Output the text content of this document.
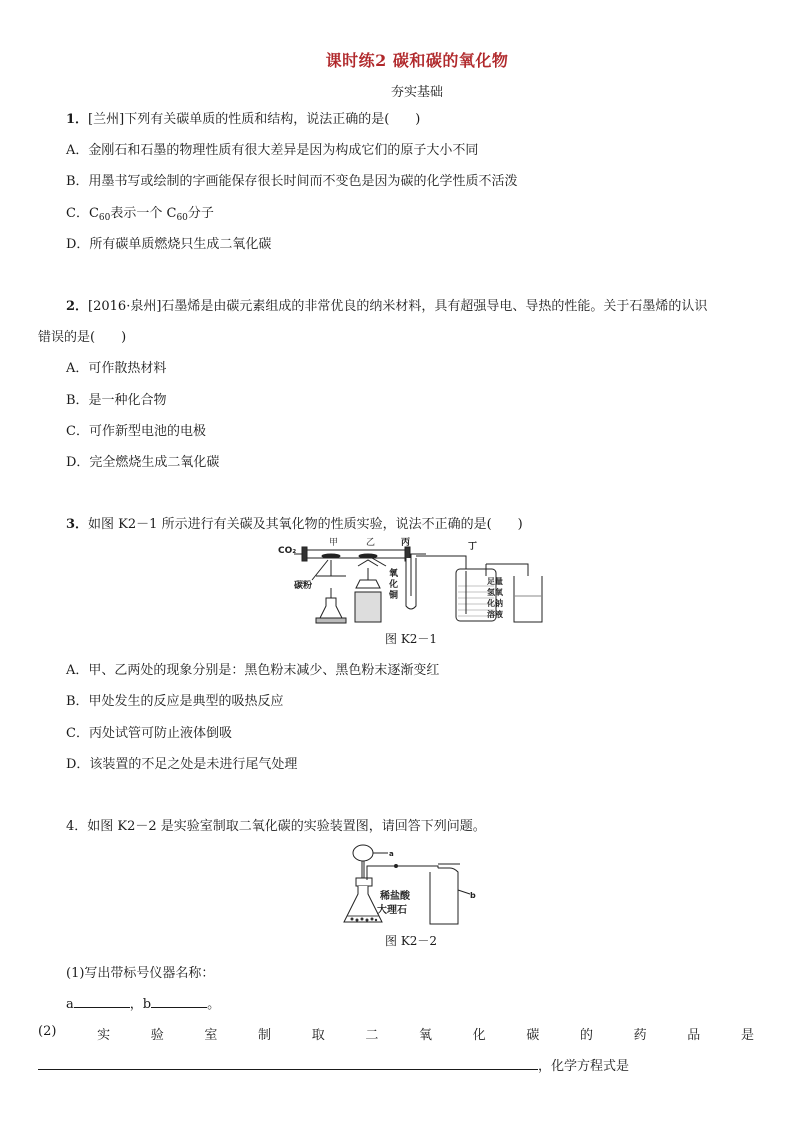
课时练2 碳和碳的氧化物
夯实基础
1．[兰州]下列有关碳单质的性质和结构，说法正确的是(　　)
A．金刚石和石墨的物理性质有很大差异是因为构成它们的原子大小不同
B．用墨书写或绘制的字画能保存很长时间而不变色是因为碳的化学性质不活泼
C．$C_{60}$表示一个 $C_{60}$分子
D．所有碳单质燃烧只生成二氧化碳
2．[2016·泉州]石墨烯是由碳元素组成的非常优良的纳米材料，具有超强导电、导热的性能。关于石墨烯的认识
错误的是(　　)
A．可作散热材料
B．是一种化合物
C．可作新型电池的电极
D．完全燃烧生成二氧化碳
3．如图 K2－1 所示进行有关碳及其氧化物的性质实验，说法不正确的是(　　)
CO₂
甲	乙
碳粉
氧
化
铜
丙	丁
足量
氢氧
化钠
溶液
图 K2－1
A．甲、乙两处的现象分别是：黑色粉末减少、黑色粉末逐渐变红
B．甲处发生的反应是典型的吸热反应
C．丙处试管可防止液体倒吸
D．该装置的不足之处是未进行尾气处理
4．如图 K2－2 是实验室制取二氧化碳的实验装置图，请回答下列问题。
a
b
稀盐酸
大理石
图 K2－2
(1)写出带标号仪器名称：
a	，b	。
(2)	实	验	室	制	取	二	氧	化	碳	的	药	品	是
，化学方程式是
